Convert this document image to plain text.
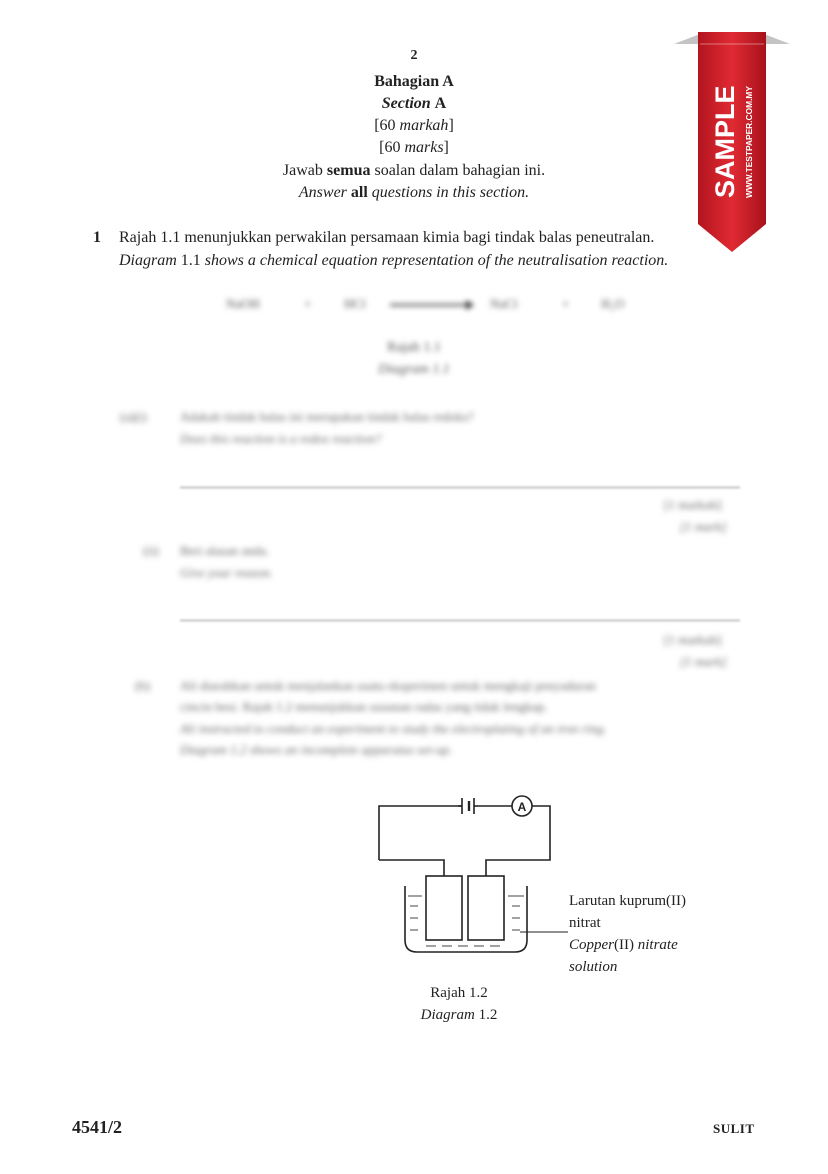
2
Bahagian A
Section A
[60 markah]
[60 marks]
Jawab semua soalan dalam bahagian ini.
Answer all questions in this section.
1 Rajah 1.1 menunjukkan perwakilan persamaan kimia bagi tindak balas peneutralan.
Diagram 1.1 shows a chemical equation representation of the neutralisation reaction.
NaOH	+	HCl	NaCl	+ H₂O
Rajah 1.1
Diagram 1.1
(a)(i)	Adakah tindak balas ini merupakan tindak balas redoks?
Does this reaction is a redox reaction?
[1 markah]
[1 mark]
(ii) Beri alasan anda.
Give your reason.
[1 markah]
[1 mark]
(b) Ali diarahkan untuk menjalankan suatu eksperimen untuk mengkaji penyaduran
cincin besi. Rajah 1.2 menunjukkan susunan radas yang tidak lengkap.
Ali instructed to conduct an experiment to study the electroplating of an iron ring.
Diagram 1.2 shows an incomplete apparatus set-up.
A
Larutan kuprum(II)
nitrat
Copper(II) nitrate
solution
Rajah 1.2
Diagram 1.2
4541/2	SULIT
SAMPLE WWW.TESTPAPER.COM.MY
